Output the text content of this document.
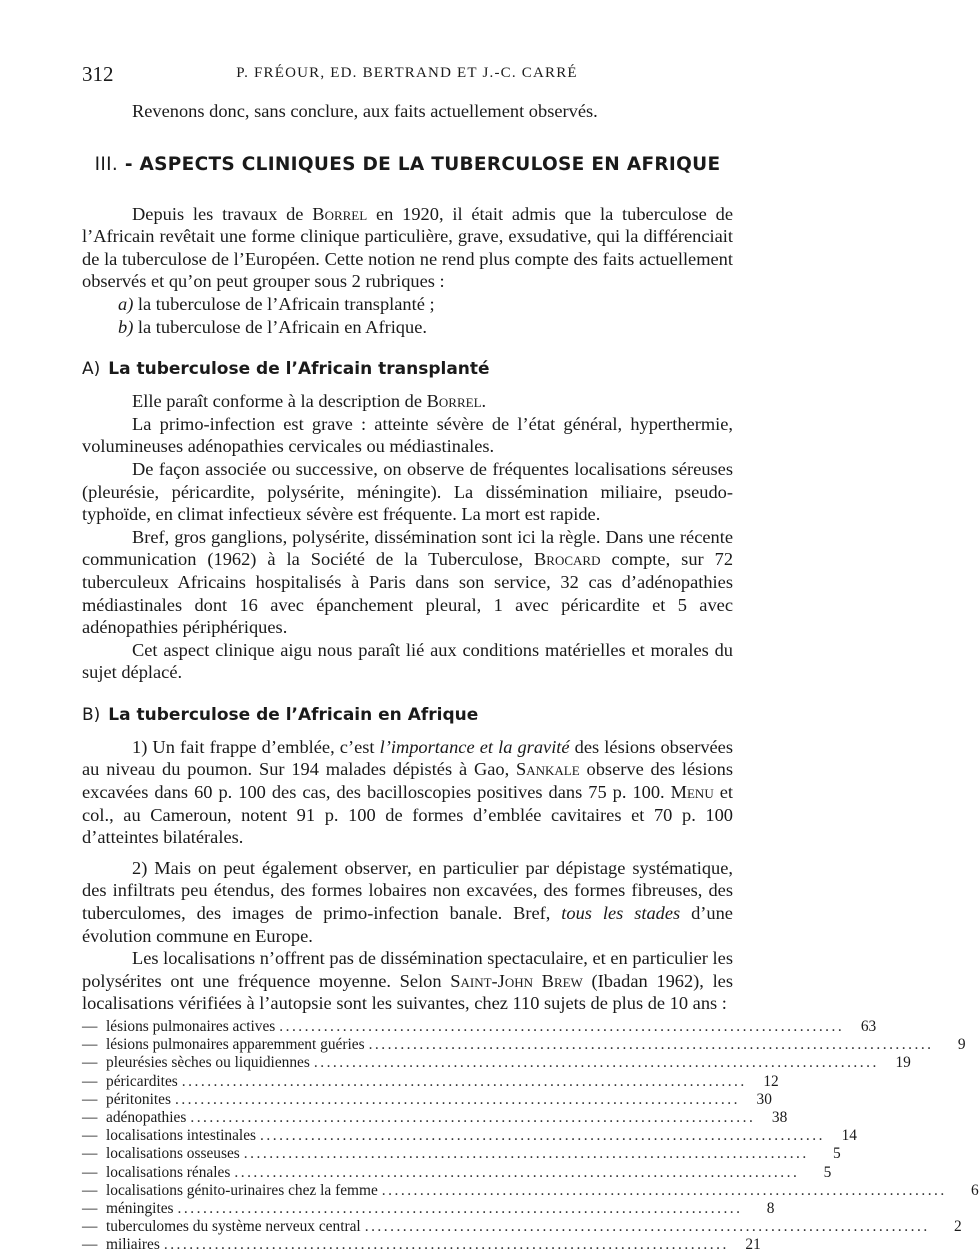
312	P. FRÉOUR, ED. BERTRAND ET J.-C. CARRÉ

Revenons donc, sans conclure, aux faits actuellement observés.

III. - ASPECTS CLINIQUES DE LA TUBERCULOSE EN AFRIQUE

Depuis les travaux de Borrel en 1920, il était admis que la tuberculose de l’Africain revêtait une forme clinique particulière, grave, exsudative, qui la différenciait de la tuberculose de l’Européen. Cette notion ne rend plus compte des faits actuellement observés et qu’on peut grouper sous 2 rubriques :

a) la tuberculose de l’Africain transplanté ;

b) la tuberculose de l’Africain en Afrique.

A) La tuberculose de l’Africain transplanté

Elle paraît conforme à la description de Borrel.

La primo-infection est grave : atteinte sévère de l’état général, hyperthermie, volumineuses adénopathies cervicales ou médiastinales.

De façon associée ou successive, on observe de fréquentes localisations séreuses (pleurésie, péricardite, polysérite, méningite). La dissémination miliaire, pseudo-typhoïde, en climat infectieux sévère est fréquente. La mort est rapide.

Bref, gros ganglions, polysérite, dissémination sont ici la règle. Dans une récente communication (1962) à la Société de la Tuberculose, Brocard compte, sur 72 tuberculeux Africains hospitalisés à Paris dans son service, 32 cas d’adénopathies médiastinales dont 16 avec épanchement pleural, 1 avec péricardite et 5 avec adénopathies périphériques.

Cet aspect clinique aigu nous paraît lié aux conditions matérielles et morales du sujet déplacé.

B) La tuberculose de l’Africain en Afrique

1) Un fait frappe d’emblée, c’est l’importance et la gravité des lésions observées au niveau du poumon. Sur 194 malades dépistés à Gao, Sankale observe des lésions excavées dans 60 p. 100 des cas, des bacilloscopies positives dans 75 p. 100. Menu et col., au Cameroun, notent 91 p. 100 de formes d’emblée cavitaires et 70 p. 100 d’atteintes bilatérales.

2) Mais on peut également observer, en particulier par dépistage systématique, des infiltrats peu étendus, des formes lobaires non excavées, des formes fibreuses, des tuberculomes, des images de primo-infection banale. Bref, tous les stades d’une évolution commune en Europe.

Les localisations n’offrent pas de dissémination spectaculaire, et en particulier les polysérites ont une fréquence moyenne. Selon Saint-John Brew (Ibadan 1962), les localisations vérifiées à l’autopsie sont les suivantes, chez 110 sujets de plus de 10 ans :

— lésions pulmonaires actives .........................................................................................	63
— lésions pulmonaires apparemment guéries .........................................................................................	9
— pleurésies sèches ou liquidiennes .........................................................................................	19
— péricardites .........................................................................................	12
— péritonites .........................................................................................	30
— adénopathies .........................................................................................	38
— localisations intestinales .........................................................................................	14
— localisations osseuses .........................................................................................	5
— localisations rénales .........................................................................................	5
— localisations génito-urinaires chez la femme .........................................................................................	6
— méningites .........................................................................................	8
— tuberculomes du système nerveux central .........................................................................................	2
— miliaires .........................................................................................	21
